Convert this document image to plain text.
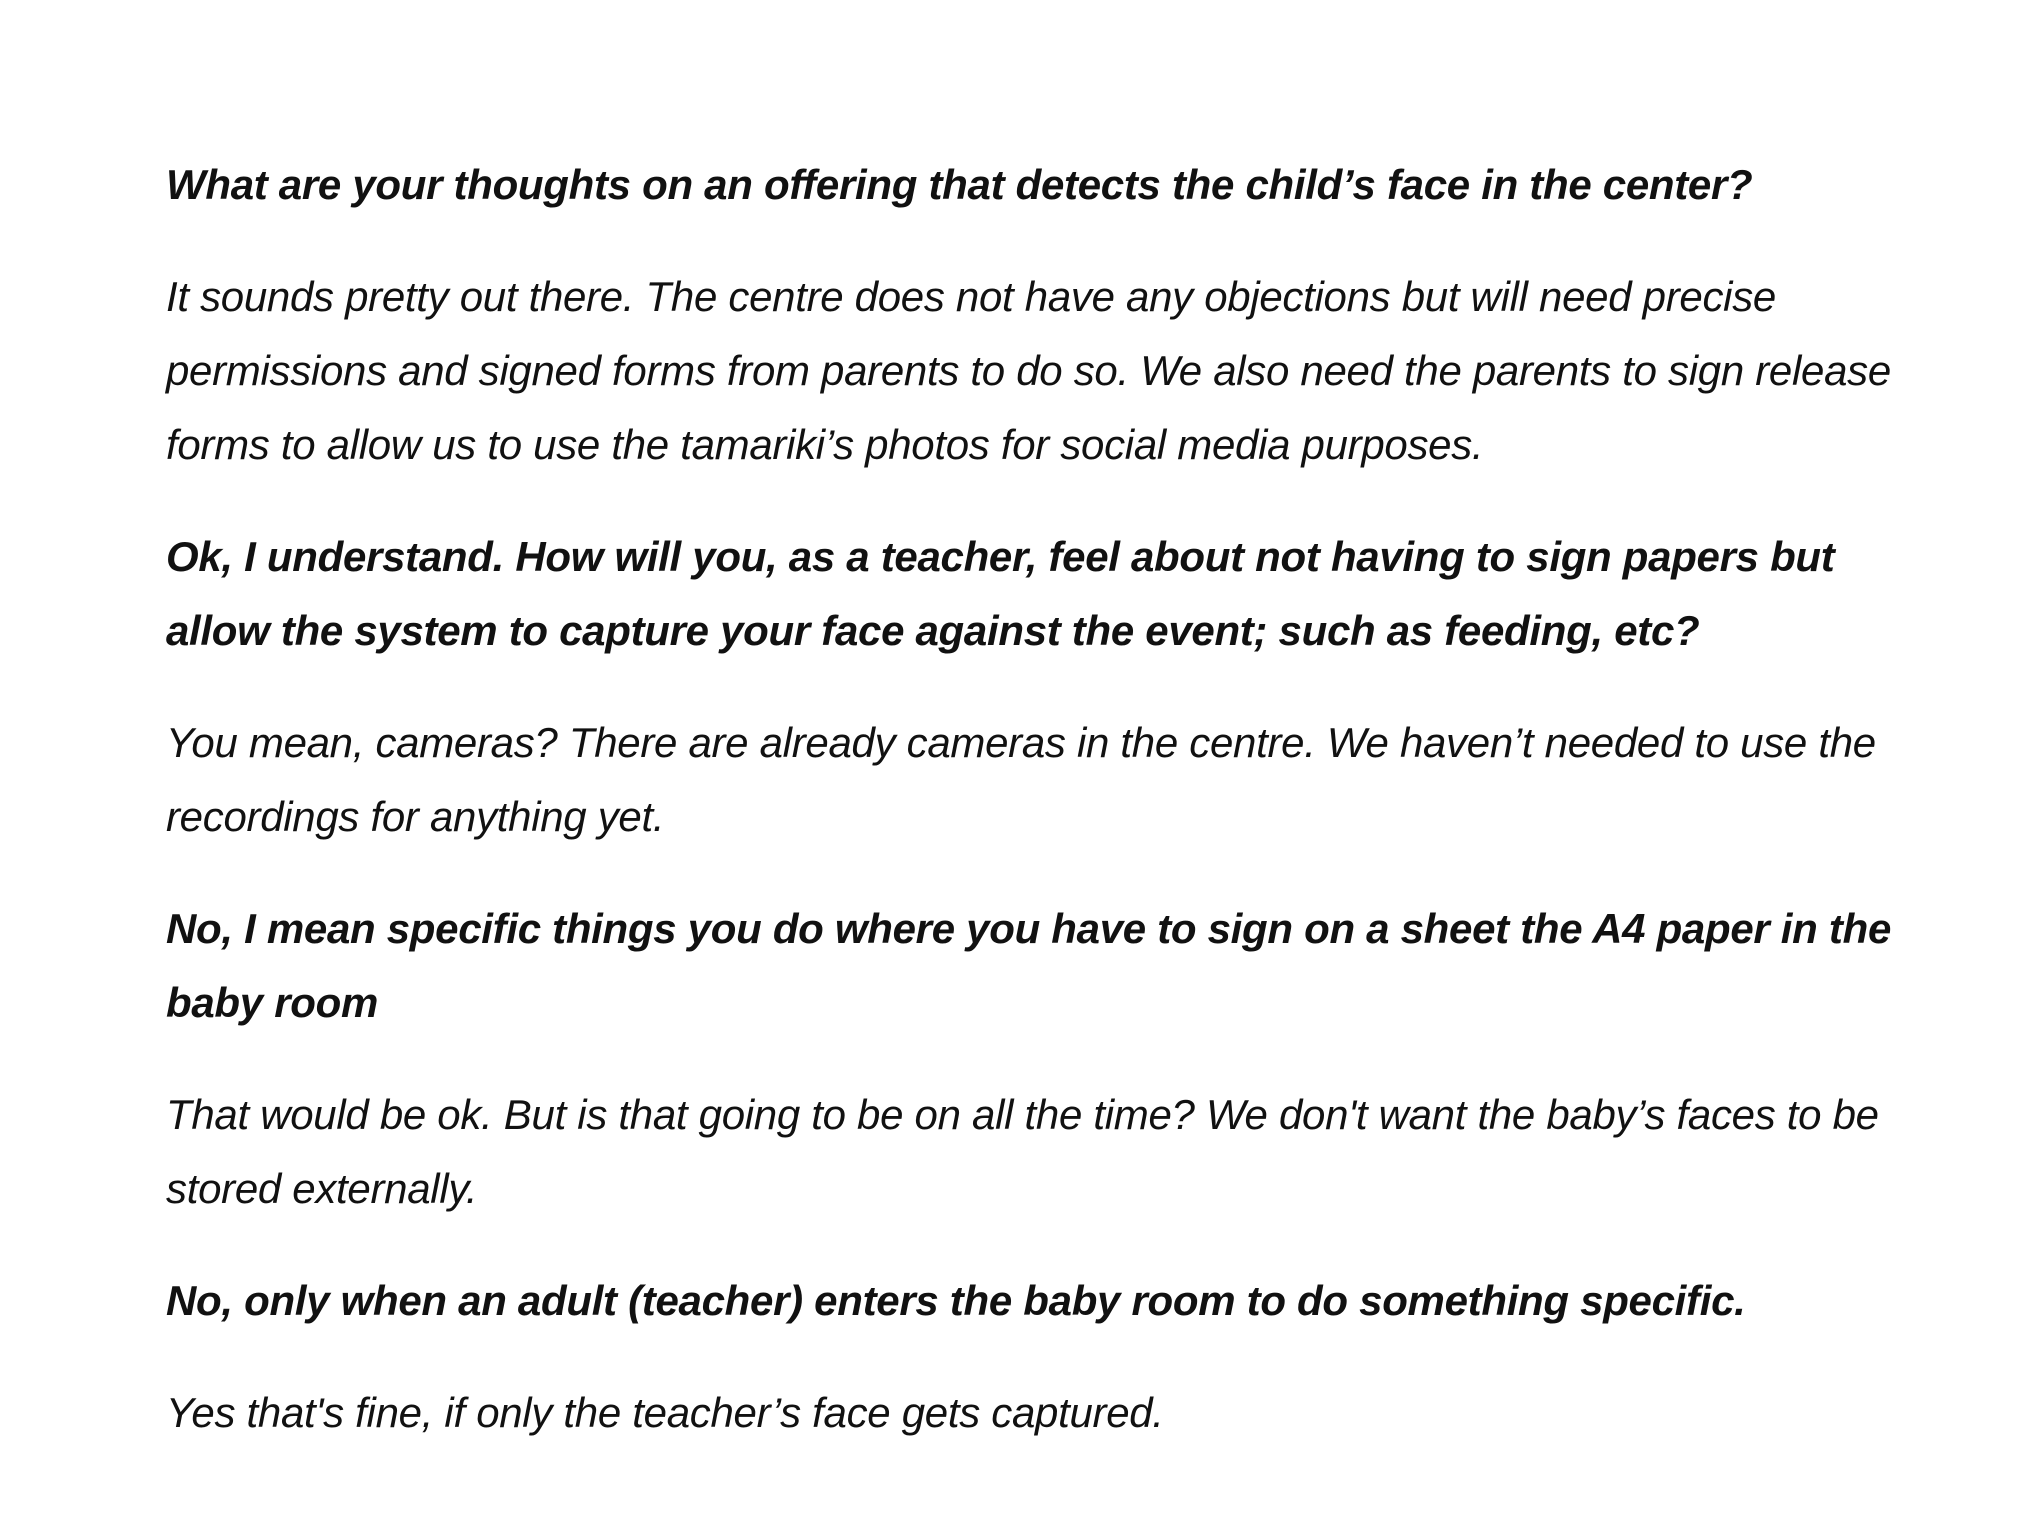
What are your thoughts on an offering that detects the child’s face in the center?

It sounds pretty out there. The centre does not have any objections but will need precise permissions and signed forms from parents to do so. We also need the parents to sign release forms to allow us to use the tamariki’s photos for social media purposes.

Ok, I understand. How will you, as a teacher, feel about not having to sign papers but allow the system to capture your face against the event; such as feeding, etc?

You mean, cameras? There are already cameras in the centre. We haven’t needed to use the recordings for anything yet.

No, I mean specific things you do where you have to sign on a sheet the A4 paper in the baby room

That would be ok. But is that going to be on all the time? We don't want the baby’s faces to be stored externally.

No, only when an adult (teacher) enters the baby room to do something specific.

Yes that's fine, if only the teacher’s face gets captured.
